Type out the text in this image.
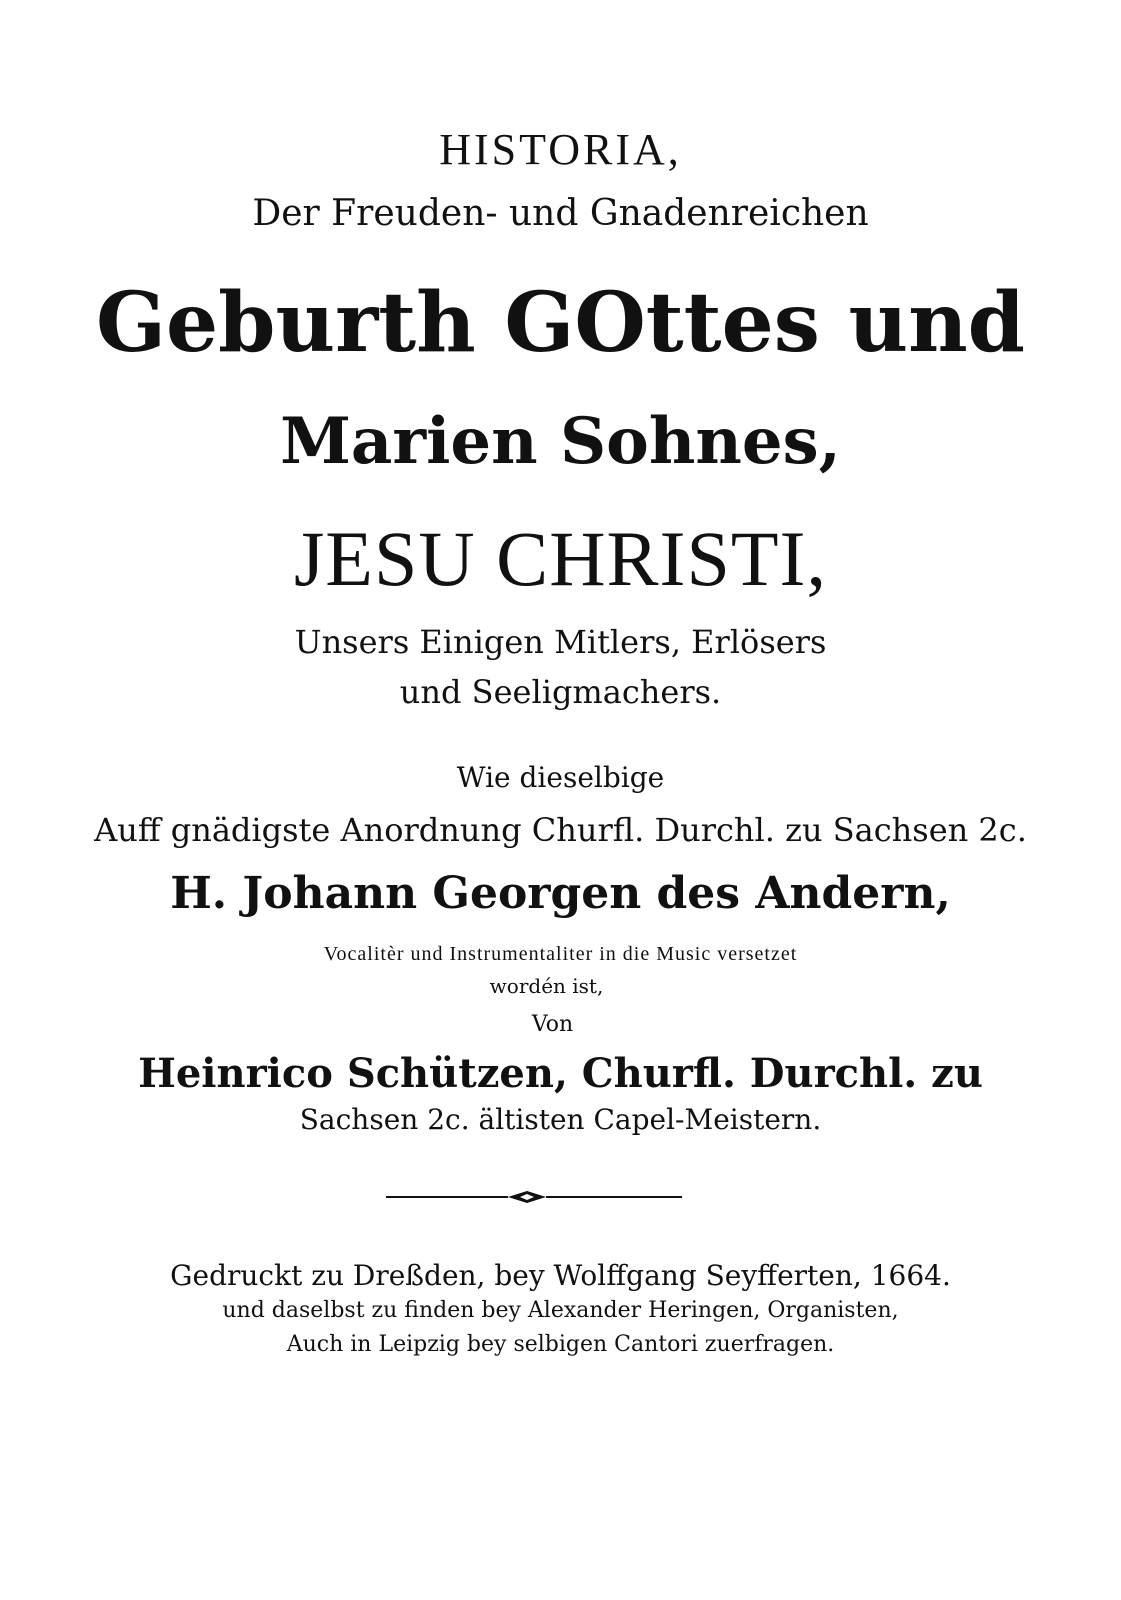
HISTORIA,
Der Freuden- und Gnadenreichen
Geburth GOttes und
Marien Sohnes,
JESU CHRISTI,
Unsers Einigen Mitlers, Erlösers
und Seeligmachers.
Wie dieselbige
Auff gnädigste Anordnung Churfl. Durchl. zu Sachsen 2c.
H. Johann Georgen des Andern,
Vocalitèr und Instrumentaliter in die Music versetzet
wordén ist,
Von
Heinrico Schützen, Churfl. Durchl. zu
Sachsen 2c. ältisten Capel-Meistern.
Gedruckt zu Dreßden, bey Wolffgang Seyfferten, 1664.
und daselbst zu finden bey Alexander Heringen, Organisten,
Auch in Leipzig bey selbigen Cantori zuerfragen.
